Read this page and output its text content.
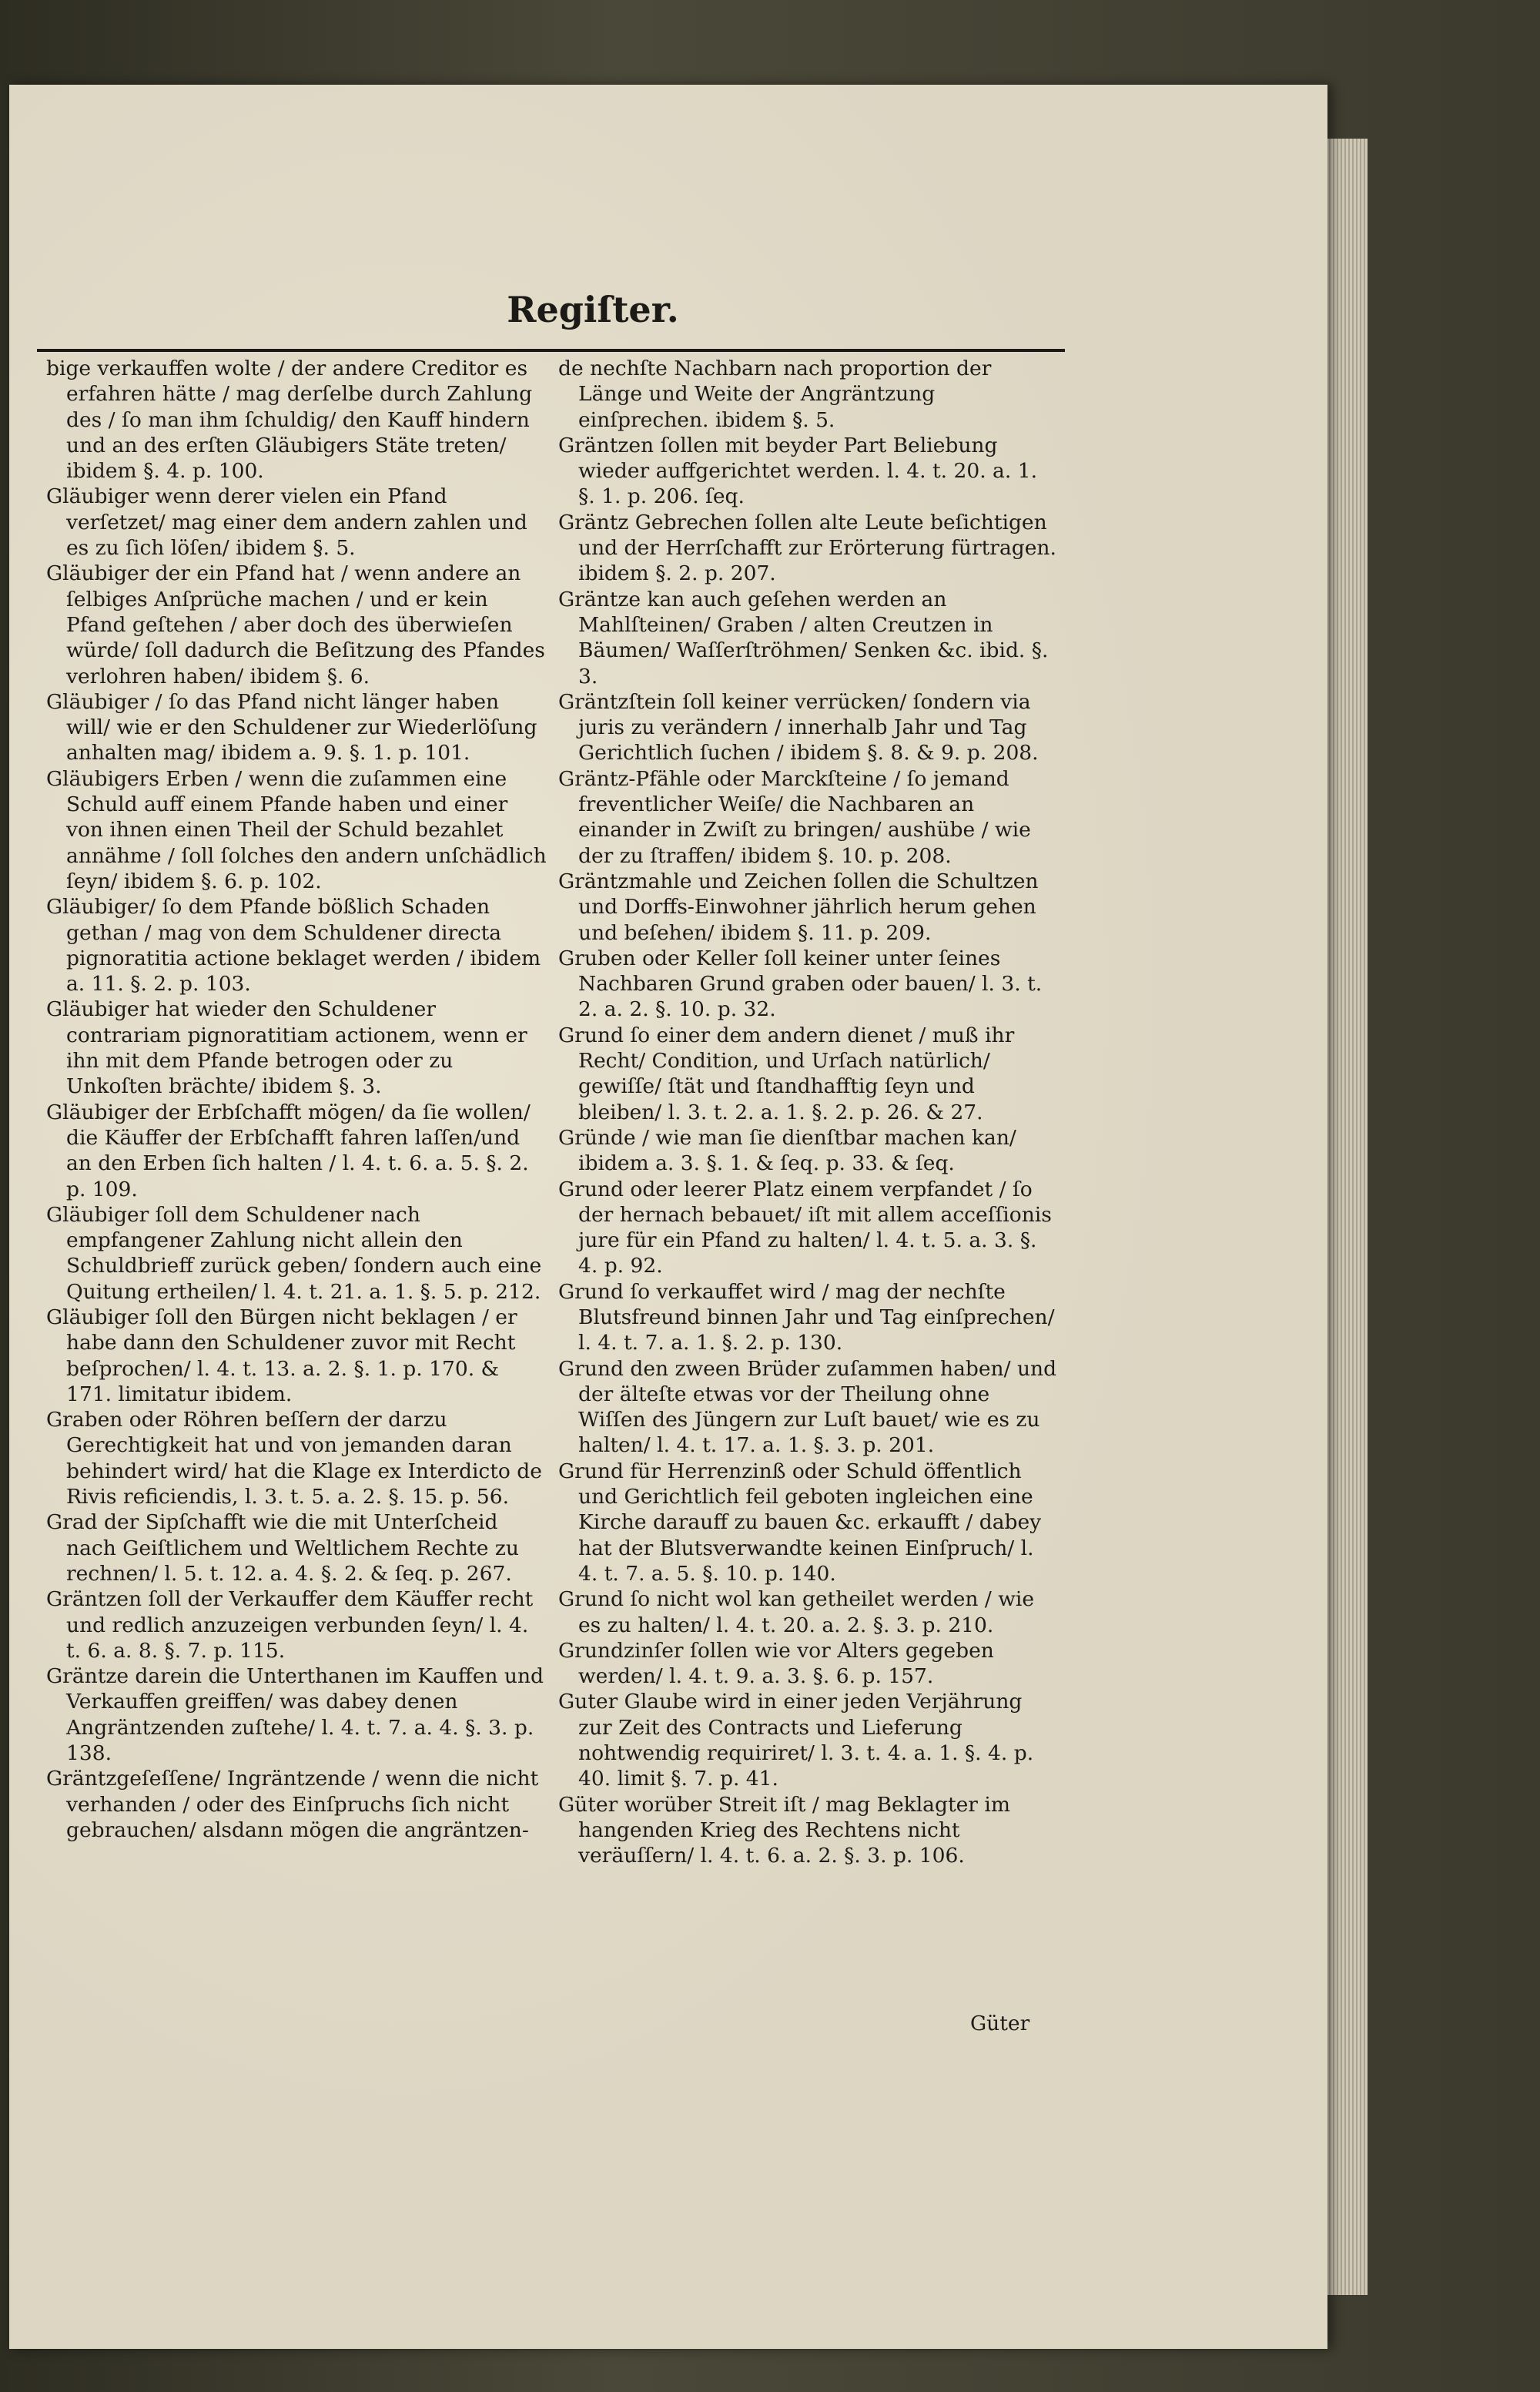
Regiſter.

bige verkauffen wolte / der andere Creditor es erfahren hätte / mag derſelbe durch Zahlung des / ſo man ihm ſchuldig/ den Kauff hindern und an des erſten Gläubigers Stäte treten/ ibidem §. 4. p. 100.

Gläubiger wenn derer vielen ein Pfand verſetzet/ mag einer dem andern zahlen und es zu ſich löſen/ ibidem §. 5.

Gläubiger der ein Pfand hat / wenn andere an ſelbiges Anſprüche machen / und er kein Pfand geſtehen / aber doch des überwieſen würde/ ſoll dadurch die Beſitzung des Pfandes verlohren haben/ ibidem §. 6.

Gläubiger / ſo das Pfand nicht länger haben will/ wie er den Schuldener zur Wiederlöſung anhalten mag/ ibidem a. 9. §. 1. p. 101.

Gläubigers Erben / wenn die zuſammen eine Schuld auff einem Pfande haben und einer von ihnen einen Theil der Schuld bezahlet annähme / ſoll ſolches den andern unſchädlich ſeyn/ ibidem §. 6. p. 102.

Gläubiger/ ſo dem Pfande bößlich Schaden gethan / mag von dem Schuldener directa pignoratitia actione beklaget werden / ibidem a. 11. §. 2. p. 103.

Gläubiger hat wieder den Schuldener contrariam pignoratitiam actionem, wenn er ihn mit dem Pfande betrogen oder zu Unkoſten brächte/ ibidem §. 3.

Gläubiger der Erbſchafft mögen/ da ſie wollen/ die Käuffer der Erbſchafft fahren laſſen/und an den Erben ſich halten / l. 4. t. 6. a. 5. §. 2. p. 109.

Gläubiger ſoll dem Schuldener nach empfangener Zahlung nicht allein den Schuldbrieff zurück geben/ ſondern auch eine Quitung ertheilen/ l. 4. t. 21. a. 1. §. 5. p. 212.

Gläubiger ſoll den Bürgen nicht beklagen / er habe dann den Schuldener zuvor mit Recht beſprochen/ l. 4. t. 13. a. 2. §. 1. p. 170. & 171. limitatur ibidem.

Graben oder Röhren beſſern der darzu Gerechtigkeit hat und von jemanden daran behindert wird/ hat die Klage ex Interdicto de Rivis reficiendis, l. 3. t. 5. a. 2. §. 15. p. 56.

Grad der Sipſchafft wie die mit Unterſcheid nach Geiſtlichem und Weltlichem Rechte zu rechnen/ l. 5. t. 12. a. 4. §. 2. & ſeq. p. 267.

Gräntzen ſoll der Verkauffer dem Käuffer recht und redlich anzuzeigen verbunden ſeyn/ l. 4. t. 6. a. 8. §. 7. p. 115.

Gräntze darein die Unterthanen im Kauffen und Verkauffen greiffen/ was dabey denen Angräntzenden zuſtehe/ l. 4. t. 7. a. 4. §. 3. p. 138.

Gräntzgeſeſſene/ Ingräntzende / wenn die nicht verhanden / oder des Einſpruchs ſich nicht gebrauchen/ alsdann mögen die angräntzen-

de nechſte Nachbarn nach proportion der Länge und Weite der Angräntzung einſprechen. ibidem §. 5.

Gräntzen ſollen mit beyder Part Beliebung wieder auffgerichtet werden. l. 4. t. 20. a. 1. §. 1. p. 206. ſeq.

Gräntz Gebrechen ſollen alte Leute beſichtigen und der Herrſchafft zur Erörterung fürtragen. ibidem §. 2. p. 207.

Gräntze kan auch geſehen werden an Mahlſteinen/ Graben / alten Creutzen in Bäumen/ Waſſerſtröhmen/ Senken &c. ibid. §. 3.

Gräntzſtein ſoll keiner verrücken/ ſondern via juris zu verändern / innerhalb Jahr und Tag Gerichtlich ſuchen / ibidem §. 8. & 9. p. 208.

Gräntz-Pfähle oder Marckſteine / ſo jemand freventlicher Weiſe/ die Nachbaren an einander in Zwiſt zu bringen/ aushübe / wie der zu ſtraffen/ ibidem §. 10. p. 208.

Gräntzmahle und Zeichen ſollen die Schultzen und Dorffs-Einwohner jährlich herum gehen und beſehen/ ibidem §. 11. p. 209.

Gruben oder Keller ſoll keiner unter ſeines Nachbaren Grund graben oder bauen/ l. 3. t. 2. a. 2. §. 10. p. 32.

Grund ſo einer dem andern dienet / muß ihr Recht/ Condition, und Urſach natürlich/ gewiſſe/ ſtät und ſtandhafftig ſeyn und bleiben/ l. 3. t. 2. a. 1. §. 2. p. 26. & 27.

Gründe / wie man ſie dienſtbar machen kan/ ibidem a. 3. §. 1. & ſeq. p. 33. & ſeq.

Grund oder leerer Platz einem verpfandet / ſo der hernach bebauet/ iſt mit allem acceſſionis jure für ein Pfand zu halten/ l. 4. t. 5. a. 3. §. 4. p. 92.

Grund ſo verkauffet wird / mag der nechſte Blutsfreund binnen Jahr und Tag einſprechen/ l. 4. t. 7. a. 1. §. 2. p. 130.

Grund den zween Brüder zuſammen haben/ und der älteſte etwas vor der Theilung ohne Wiſſen des Jüngern zur Luſt bauet/ wie es zu halten/ l. 4. t. 17. a. 1. §. 3. p. 201.

Grund für Herrenzinß oder Schuld öffentlich und Gerichtlich feil geboten ingleichen eine Kirche darauff zu bauen &c. erkaufft / dabey hat der Blutsverwandte keinen Einſpruch/ l. 4. t. 7. a. 5. §. 10. p. 140.

Grund ſo nicht wol kan getheilet werden / wie es zu halten/ l. 4. t. 20. a. 2. §. 3. p. 210.

Grundzinſer ſollen wie vor Alters gegeben werden/ l. 4. t. 9. a. 3. §. 6. p. 157.

Guter Glaube wird in einer jeden Verjährung zur Zeit des Contracts und Lieferung nohtwendig requiriret/ l. 3. t. 4. a. 1. §. 4. p. 40. limit §. 7. p. 41.

Güter worüber Streit iſt / mag Beklagter im hangenden Krieg des Rechtens nicht veräuſſern/ l. 4. t. 6. a. 2. §. 3. p. 106.

Güter
